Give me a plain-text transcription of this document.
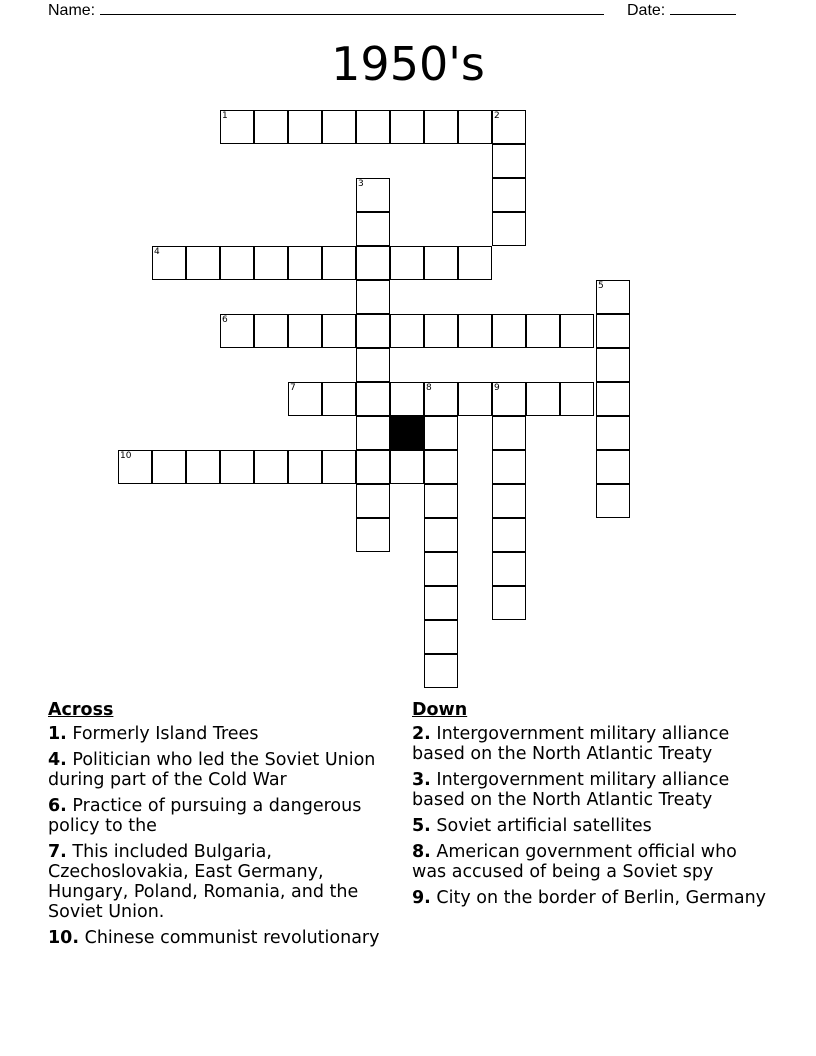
Name:	Date:
1950's
1	2
3
4
5
6
7	8	9
10
Across
1. Formerly Island Trees
4. Politician who led the Soviet Union during part of the Cold War
6. Practice of pursuing a dangerous policy to the
7. This included Bulgaria, Czechoslovakia, East Germany, Hungary, Poland, Romania, and the Soviet Union.
10. Chinese communist revolutionary
Down
2. Intergovernment military alliance based on the North Atlantic Treaty
3. Intergovernment military alliance based on the North Atlantic Treaty
5. Soviet artificial satellites
8. American government official who was accused of being a Soviet spy
9. City on the border of Berlin, Germany
